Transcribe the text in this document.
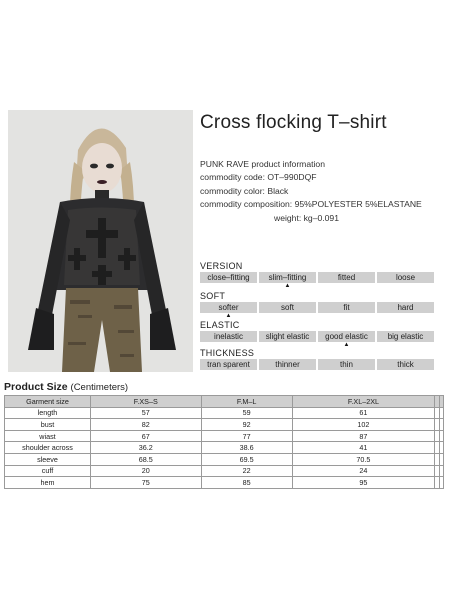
Cross flocking T–shirt
PUNK RAVE product information
commodity code: OT–990DQF
commodity color: Black
commodity composition: 95%POLYESTER 5%ELASTANE
weight: kg–0.091
VERSION
close–fitting	slim–fitting	fitted	loose
▲
SOFT
softer	soft	fit	hard
▲
ELASTIC
inelastic	slight elastic	good elastic	big elastic
▲
THICKNESS
tran sparent	thinner	thin	thick
Product Size (Centimeters)
Garment size	F.XS–S	F.M–L	F.XL–2XL		
length	57	59	61		
bust	82	92	102		
wiast	67	77	87		
shoulder across	36.2	38.6	41		
sleeve	68.5	69.5	70.5		
cuff	20	22	24		
hem	75	85	95		
